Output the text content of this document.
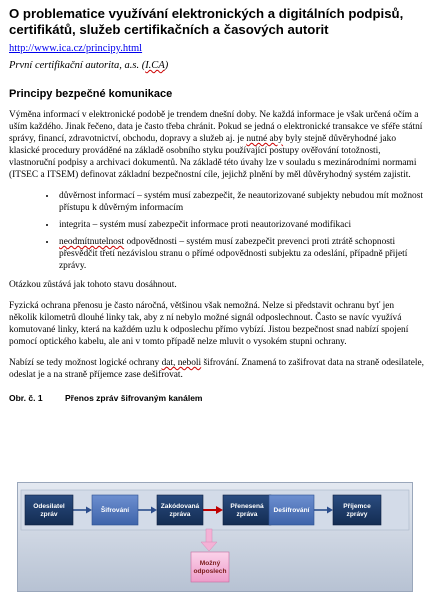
O problematice využívání elektronických a digitálních podpisů, certifikátů, služeb certifikačních a časových autorit
http://www.ica.cz/principy.html
První certifikační autorita, a.s. (I.CA)
Principy bezpečné komunikace

Výměna informací v elektronické podobě je trendem dnešní doby. Ne každá informace je však určená očím a uším každého. Jinak řečeno, data je často třeba chránit. Pokud se jedná o elektronické transakce ve sféře státní správy, financí, zdravotnictví, obchodu, dopravy a služeb aj. je nutné aby byly stejně důvěryhodné jako klasické procedury prováděné na základě osobního styku používající postupy ověřování totožnosti, vlastnoruční podpisy a archivaci dokumentů. Na základě této úvahy lze v souladu s mezinárodními normami (ITSEC a ITSEM) definovat základní bezpečnostní cíle, jejichž plnění by měl důvěryhodný systém zajistit.

• důvěrnost informací – systém musí zabezpečit, že neautorizované subjekty nebudou mít možnost přístupu k důvěrným informacím
• integrita – systém musí zabezpečit informace proti neautorizované modifikaci
• neodmítnutelnost odpovědnosti – systém musí zabezpečit prevenci proti ztrátě schopnosti přesvědčit třetí nezávislou stranu o přímé odpovědnosti subjektu za odeslání, případně přijetí zprávy.

Otázkou zůstává jak tohoto stavu dosáhnout.

Fyzická ochrana přenosu je často náročná, většinou však nemožná. Nelze si představit ochranu byť jen několik kilometrů dlouhé linky tak, aby z ní nebylo možné signál odposlechnout. Často se navíc využívá komutované linky, která na každém uzlu k odposlechu přímo vybízí. Jistou bezpečnost snad nabízí spojení pomocí optického kabelu, ale ani v tomto případě nelze mluvit o vysokém stupni ochrany.

Nabízí se tedy možnost logické ochrany dat, neboli šifrování. Znamená to zašifrovat data na straně odesilatele, odeslat je a na straně příjemce zase dešifrovat.

Obr. č. 1	Přenos zpráv šifrovaným kanálem
Odesilatel zpráv
Šifrování
Zakódovaná zpráva
Přenesená zpráva
Dešifrování
Příjemce zprávy
Možný odposlech
